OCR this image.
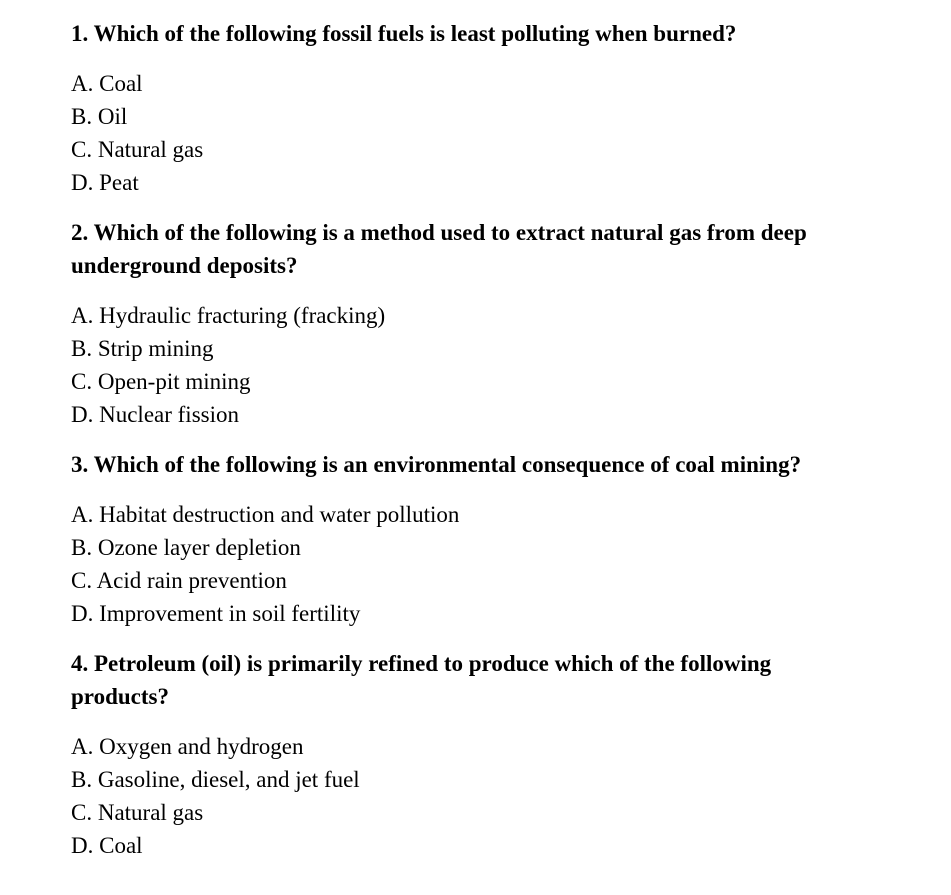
1. Which of the following fossil fuels is least polluting when burned?

A. Coal
B. Oil
C. Natural gas
D. Peat

2. Which of the following is a method used to extract natural gas from deep underground deposits?

A. Hydraulic fracturing (fracking)
B. Strip mining
C. Open-pit mining
D. Nuclear fission

3. Which of the following is an environmental consequence of coal mining?

A. Habitat destruction and water pollution
B. Ozone layer depletion
C. Acid rain prevention
D. Improvement in soil fertility

4. Petroleum (oil) is primarily refined to produce which of the following products?

A. Oxygen and hydrogen
B. Gasoline, diesel, and jet fuel
C. Natural gas
D. Coal
